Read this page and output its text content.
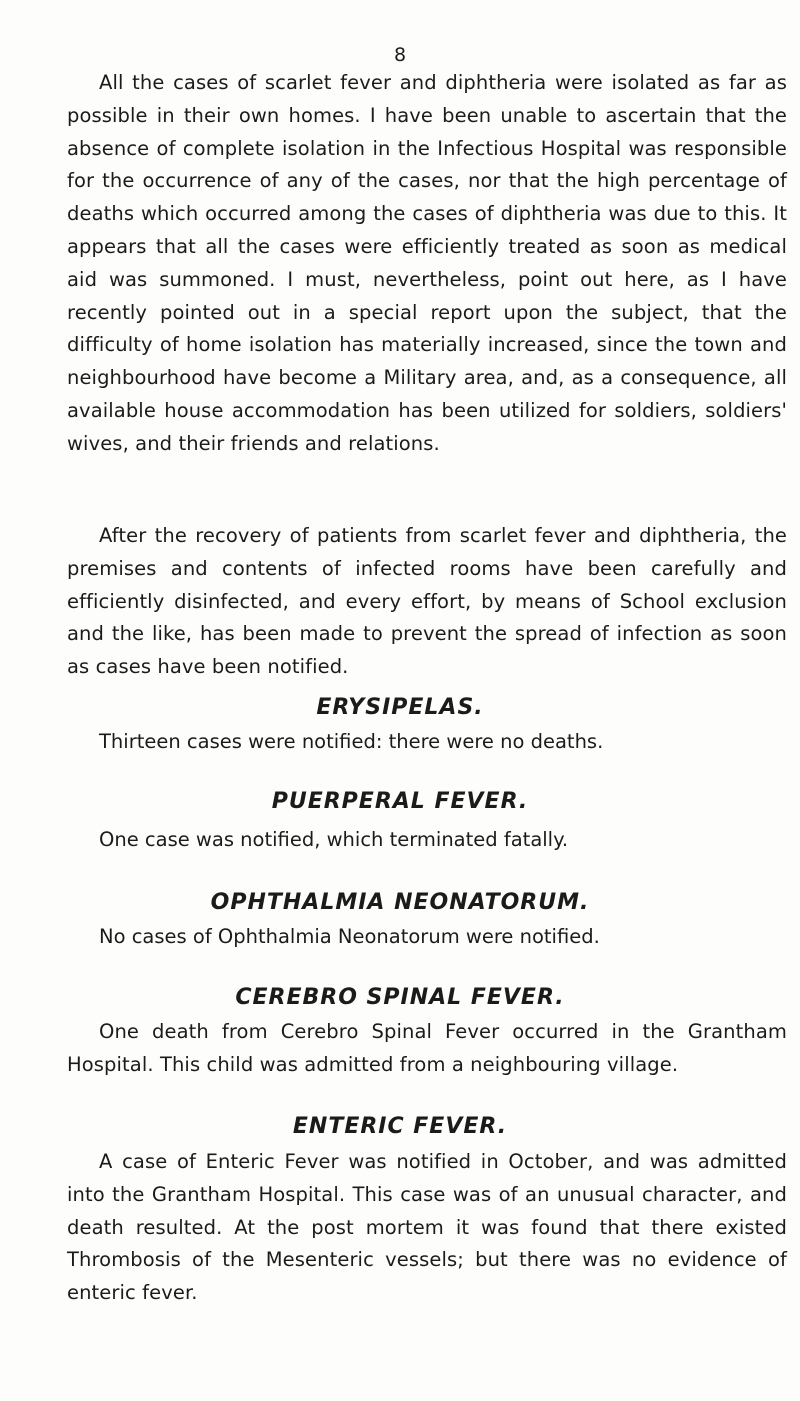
8

All the cases of scarlet fever and diphtheria were isolated as far as possible in their own homes. I have been unable to ascertain that the absence of complete isolation in the Infectious Hospital was responsible for the occurrence of any of the cases, nor that the high percentage of deaths which occurred among the cases of diphtheria was due to this. It appears that all the cases were efficiently treated as soon as medical aid was summoned. I must, nevertheless, point out here, as I have recently pointed out in a special report upon the subject, that the difficulty of home isolation has materially increased, since the town and neighbourhood have become a Military area, and, as a consequence, all available house accommodation has been utilized for soldiers, soldiers' wives, and their friends and relations.

After the recovery of patients from scarlet fever and diphtheria, the premises and contents of infected rooms have been carefully and efficiently disinfected, and every effort, by means of School exclusion and the like, has been made to prevent the spread of infection as soon as cases have been notified.

ERYSIPELAS.
Thirteen cases were notified: there were no deaths.
PUERPERAL FEVER.
One case was notified, which terminated fatally.
OPHTHALMIA NEONATORUM.
No cases of Ophthalmia Neonatorum were notified.
CEREBRO SPINAL FEVER.

One death from Cerebro Spinal Fever occurred in the Grantham Hospital. This child was admitted from a neighbouring village.

ENTERIC FEVER.

A case of Enteric Fever was notified in October, and was admitted into the Grantham Hospital. This case was of an unusual character, and death resulted. At the post mortem it was found that there existed Thrombosis of the Mesenteric vessels; but there was no evidence of enteric fever.
